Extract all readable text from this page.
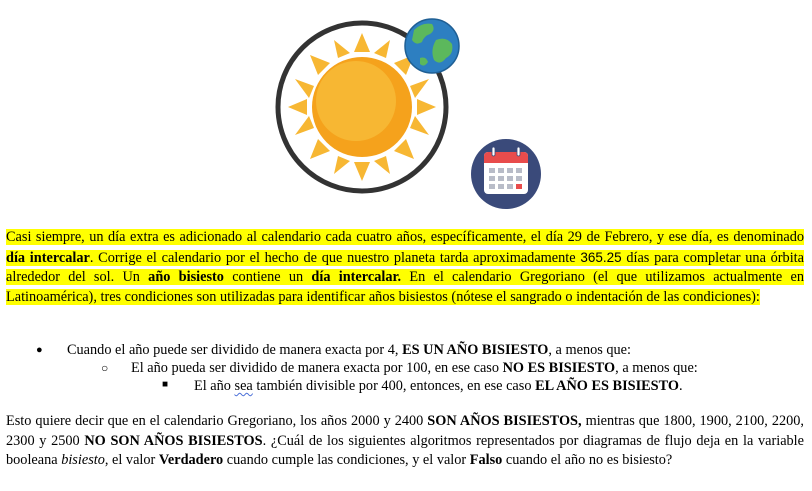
Casi siempre, un día extra es adicionado al calendario cada cuatro años, específicamente, el día 29 de Febrero, y ese día, es denominado día intercalar. Corrige el calendario por el hecho de que nuestro planeta tarda aproximadamente 365.25 días para completar una órbita alrededor del sol. Un año bisiesto contiene un día intercalar. En el calendario Gregoriano (el que utilizamos actualmente en Latinoamérica), tres condiciones son utilizadas para identificar años bisiestos (nótese el sangrado o indentación de las condiciones):

● Cuando el año puede ser dividido de manera exacta por 4, ES UN AÑO BISIESTO, a menos que:
○ El año pueda ser dividido de manera exacta por 100, en ese caso NO ES BISIESTO, a menos que:
■ El año sea también divisible por 400, entonces, en ese caso EL AÑO ES BISIESTO.

Esto quiere decir que en el calendario Gregoriano, los años 2000 y 2400 SON AÑOS BISIESTOS, mientras que 1800, 1900, 2100, 2200, 2300 y 2500 NO SON AÑOS BISIESTOS. ¿Cuál de los siguientes algoritmos representados por diagramas de flujo deja en la variable booleana bisiesto, el valor Verdadero cuando cumple las condiciones, y el valor Falso cuando el año no es bisiesto?
